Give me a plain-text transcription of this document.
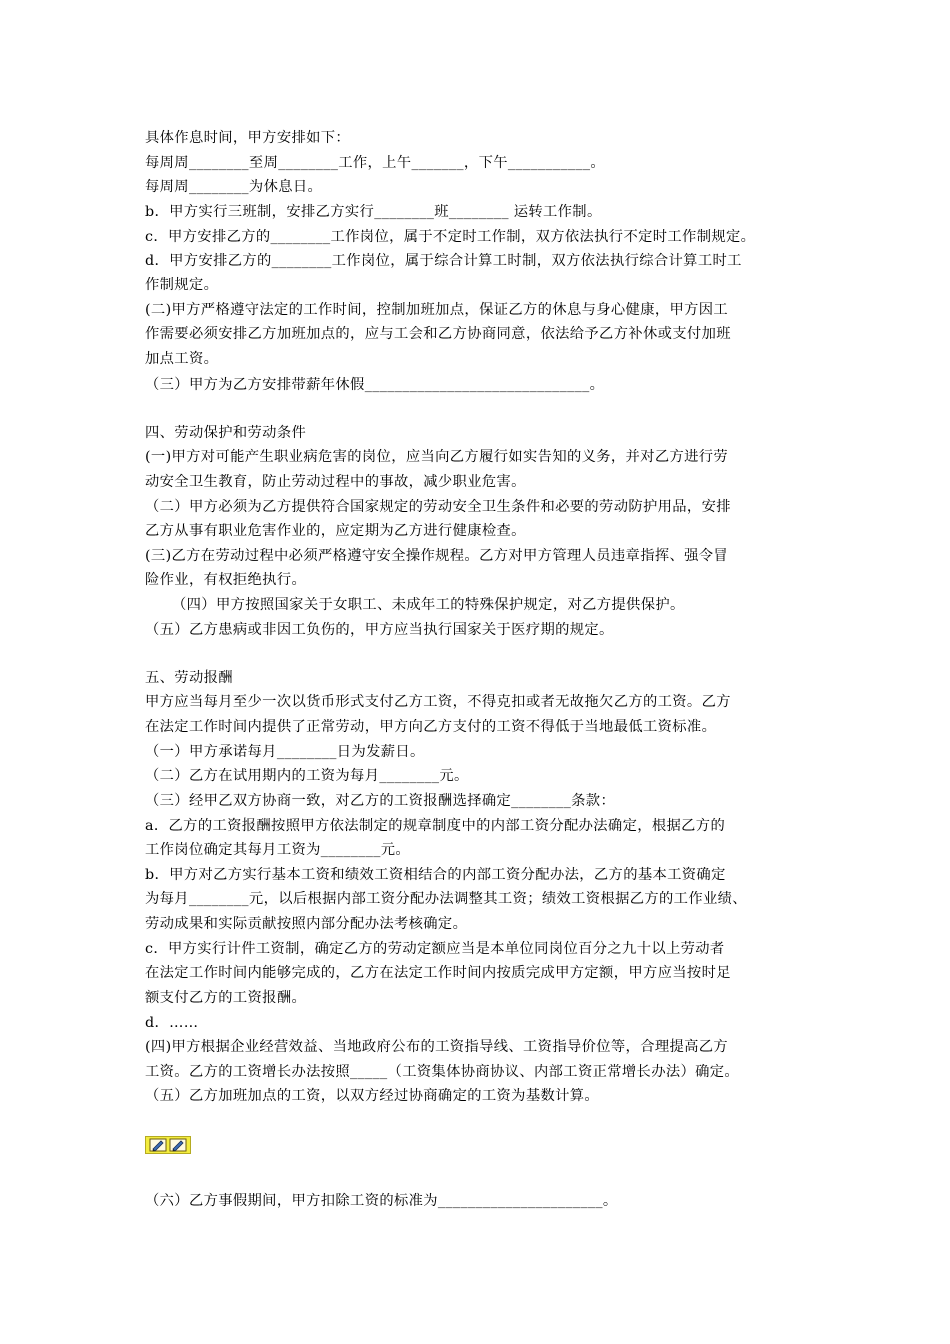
具体作息时间，甲方安排如下：
每周周________至周________工作，上午_______，下午___________。
每周周________为休息日。
b．甲方实行三班制，安排乙方实行________班________ 运转工作制。
c．甲方安排乙方的________工作岗位，属于不定时工作制，双方依法执行不定时工作制规定。
d．甲方安排乙方的________工作岗位，属于综合计算工时制，双方依法执行综合计算工时工
作制规定。
(二)甲方严格遵守法定的工作时间，控制加班加点，保证乙方的休息与身心健康，甲方因工
作需要必须安排乙方加班加点的，应与工会和乙方协商同意，依法给予乙方补休或支付加班
加点工资。
（三）甲方为乙方安排带薪年休假______________________________。
四、劳动保护和劳动条件
(一)甲方对可能产生职业病危害的岗位，应当向乙方履行如实告知的义务，并对乙方进行劳
动安全卫生教育，防止劳动过程中的事故，减少职业危害。
（二）甲方必须为乙方提供符合国家规定的劳动安全卫生条件和必要的劳动防护用品，安排
乙方从事有职业危害作业的，应定期为乙方进行健康检查。
(三)乙方在劳动过程中必须严格遵守安全操作规程。乙方对甲方管理人员违章指挥、强令冒
险作业，有权拒绝执行。
（四）甲方按照国家关于女职工、未成年工的特殊保护规定，对乙方提供保护。
（五）乙方患病或非因工负伤的，甲方应当执行国家关于医疗期的规定。
五、劳动报酬
甲方应当每月至少一次以货币形式支付乙方工资，不得克扣或者无故拖欠乙方的工资。乙方
在法定工作时间内提供了正常劳动，甲方向乙方支付的工资不得低于当地最低工资标准。
（一）甲方承诺每月________日为发薪日。
（二）乙方在试用期内的工资为每月________元。
（三）经甲乙双方协商一致，对乙方的工资报酬选择确定________条款：
a．乙方的工资报酬按照甲方依法制定的规章制度中的内部工资分配办法确定，根据乙方的
工作岗位确定其每月工资为________元。
b．甲方对乙方实行基本工资和绩效工资相结合的内部工资分配办法，乙方的基本工资确定
为每月________元，以后根据内部工资分配办法调整其工资；绩效工资根据乙方的工作业绩、
劳动成果和实际贡献按照内部分配办法考核确定。
c．甲方实行计件工资制，确定乙方的劳动定额应当是本单位同岗位百分之九十以上劳动者
在法定工作时间内能够完成的，乙方在法定工作时间内按质完成甲方定额，甲方应当按时足
额支付乙方的工资报酬。
d．……
(四)甲方根据企业经营效益、当地政府公布的工资指导线、工资指导价位等，合理提高乙方
工资。乙方的工资增长办法按照_____（工资集体协商协议、内部工资正常增长办法）确定。
（五）乙方加班加点的工资，以双方经过协商确定的工资为基数计算。
（六）乙方事假期间，甲方扣除工资的标准为______________________。
